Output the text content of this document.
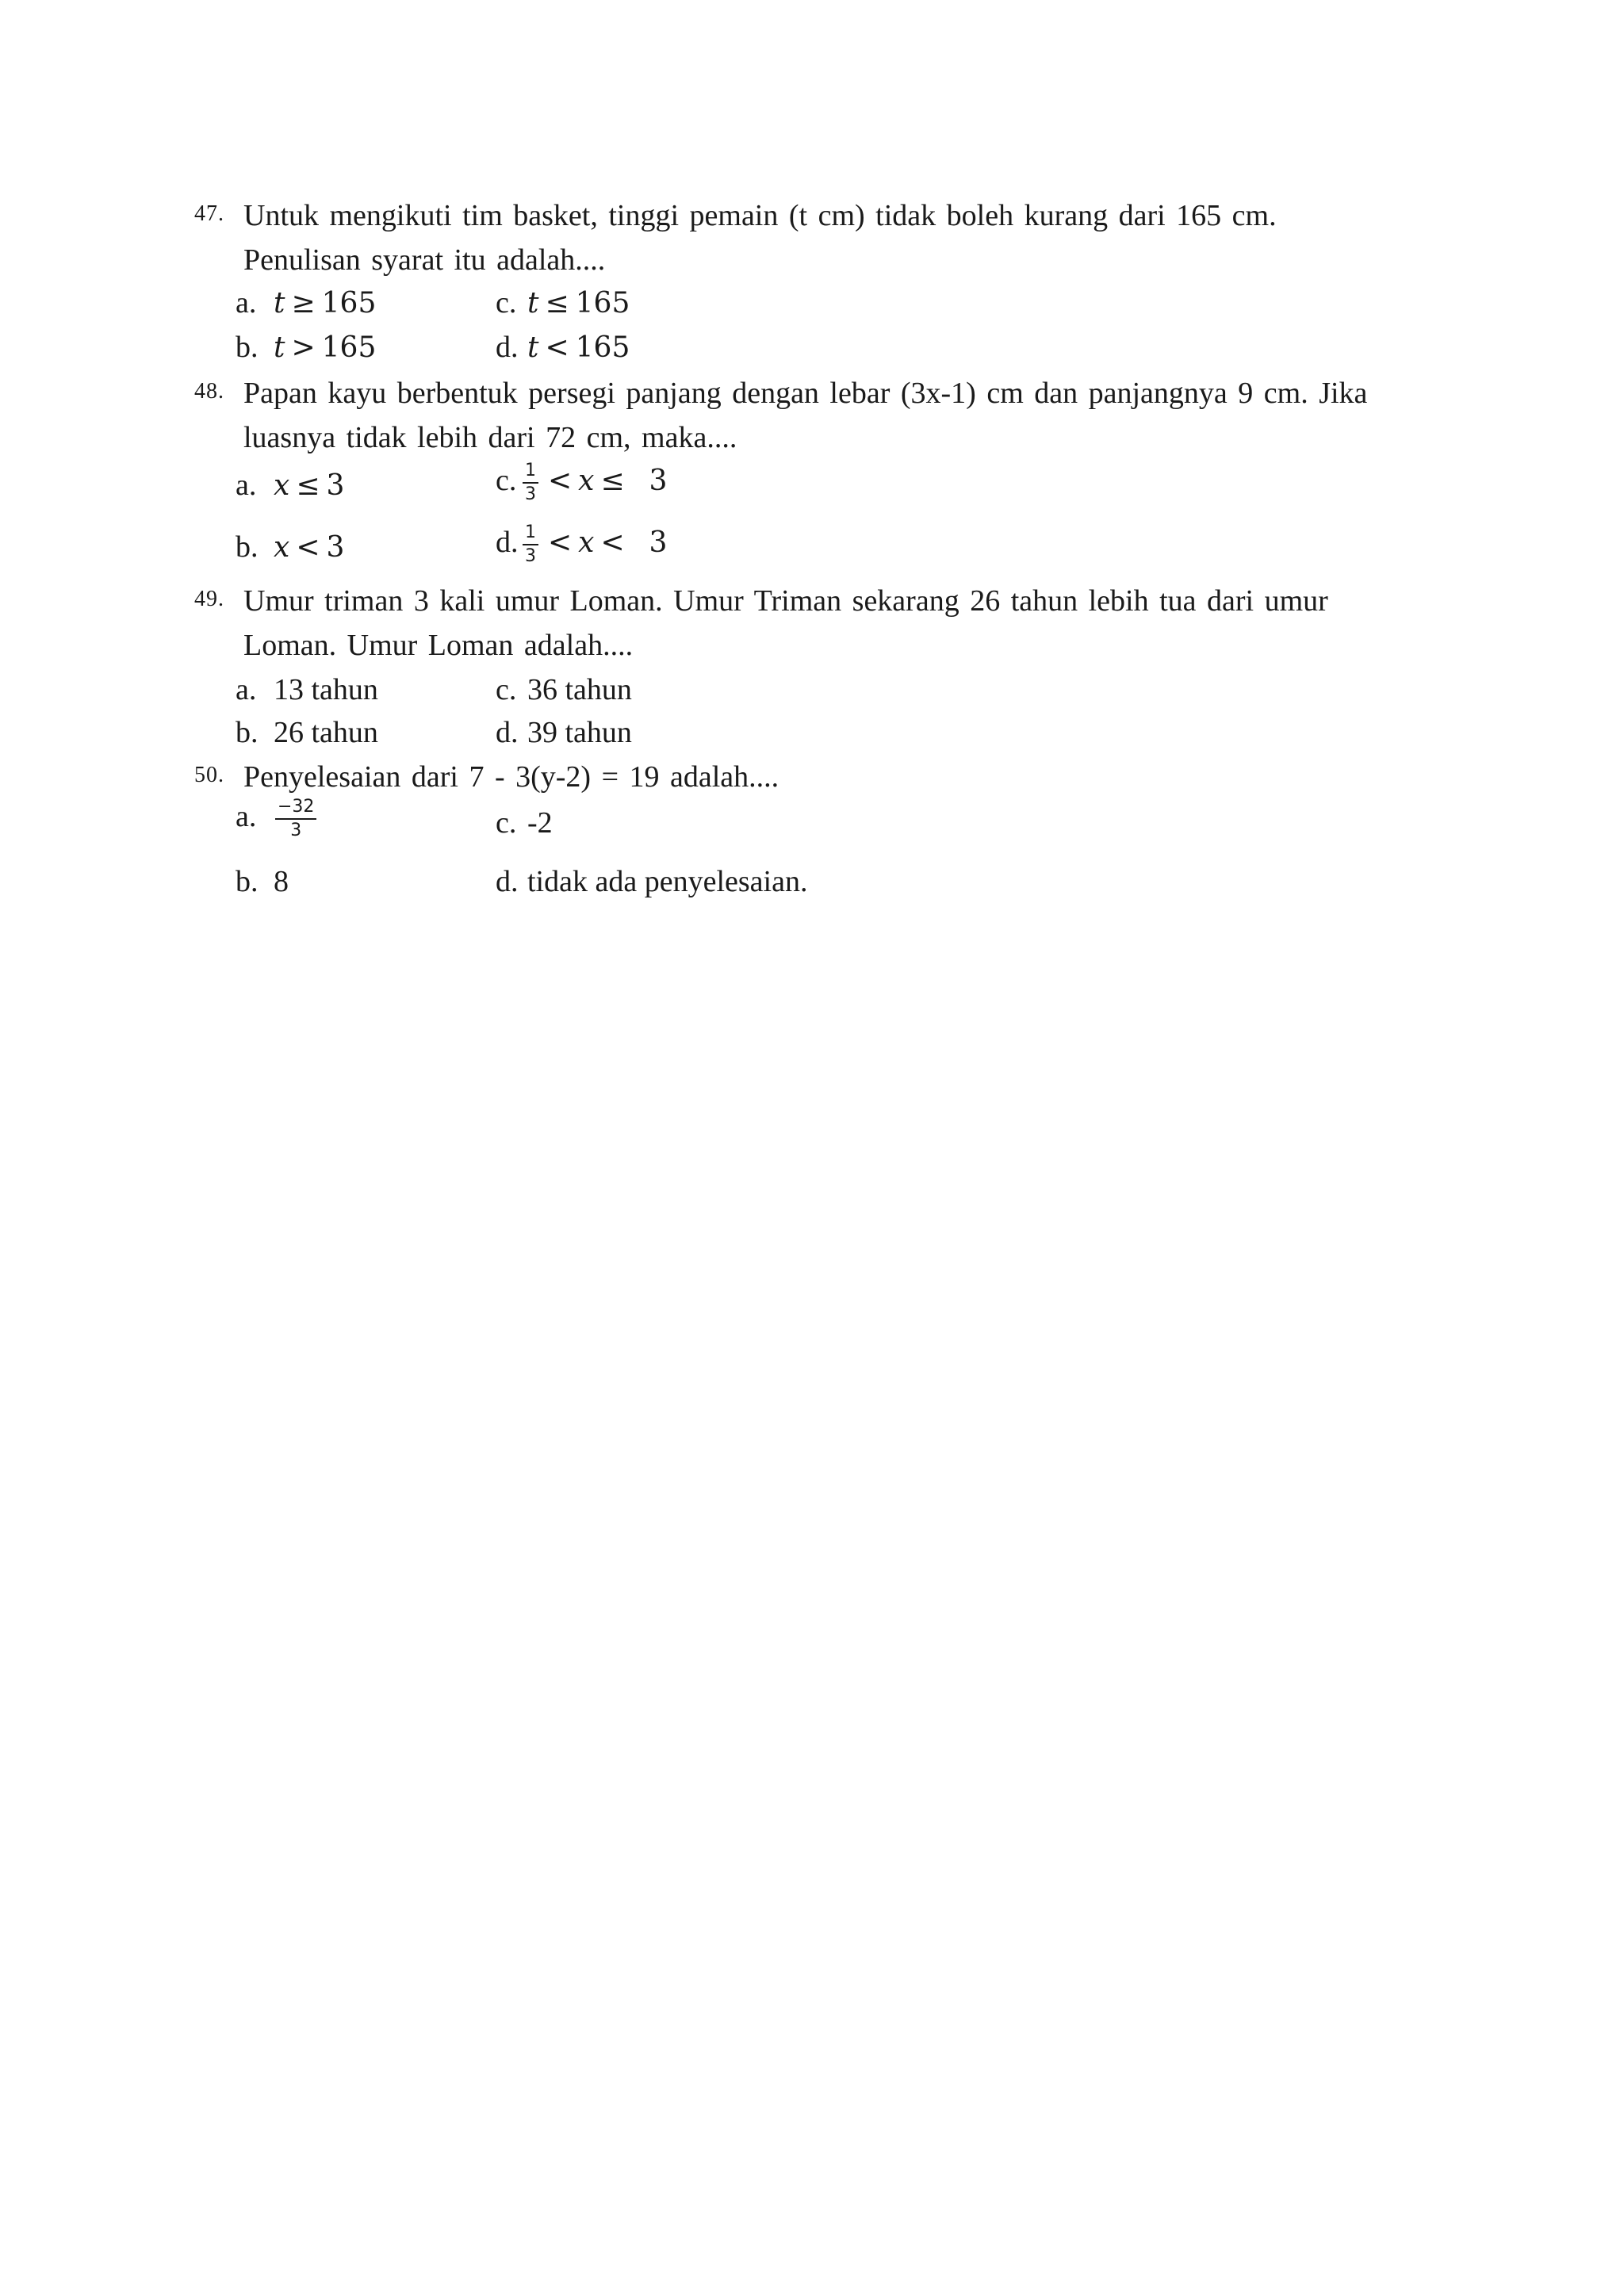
47. Untuk mengikuti tim basket, tinggi pemain (t cm) tidak boleh kurang dari 165 cm.
Penulisan syarat itu adalah....
a. t ≥ 165	c. t ≤ 165
b. t > 165	d. t < 165
48. Papan kayu berbentuk persegi panjang dengan lebar (3x-1) cm dan panjangnya 9 cm. Jika
luasnya tidak lebih dari 72 cm, maka....
a. x ≤ 3	c. $\frac{1}{3} < x \le 3$
b. x < 3	d. $\frac{1}{3} < x < 3$
49. Umur triman 3 kali umur Loman. Umur Triman sekarang 26 tahun lebih tua dari umur
Loman. Umur Loman adalah....
a. 13 tahun	c. 36 tahun
b. 26 tahun	d. 39 tahun
50. Penyelesaian dari 7 - 3(y-2) = 19 adalah....
a. $\frac{-32}{3}$	c. -2
b. 8	d. tidak ada penyelesaian.
